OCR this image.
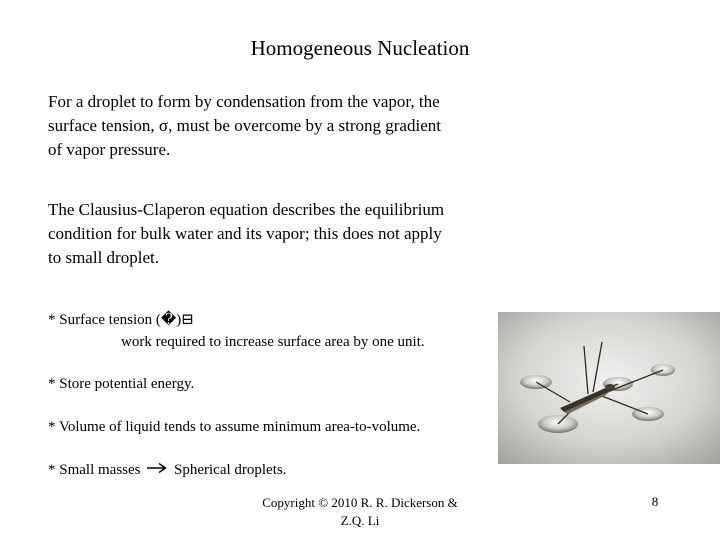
Homogeneous Nucleation
For a droplet to form by condensation from the vapor, the
surface tension, σ, must be overcome by a strong gradient
of vapor pressure.
The Clausius-Claperon equation describes the equilibrium
condition for bulk water and its vapor; this does not apply
to small droplet.
* Surface tension (�)⊟
work required to increase surface area by one unit.
* Store potential energy.
* Volume of liquid tends to assume minimum area-to-volume.
* Small masses Spherical droplets.
Copyright © 2010 R. R. Dickerson &
Z.Q. Li
8
